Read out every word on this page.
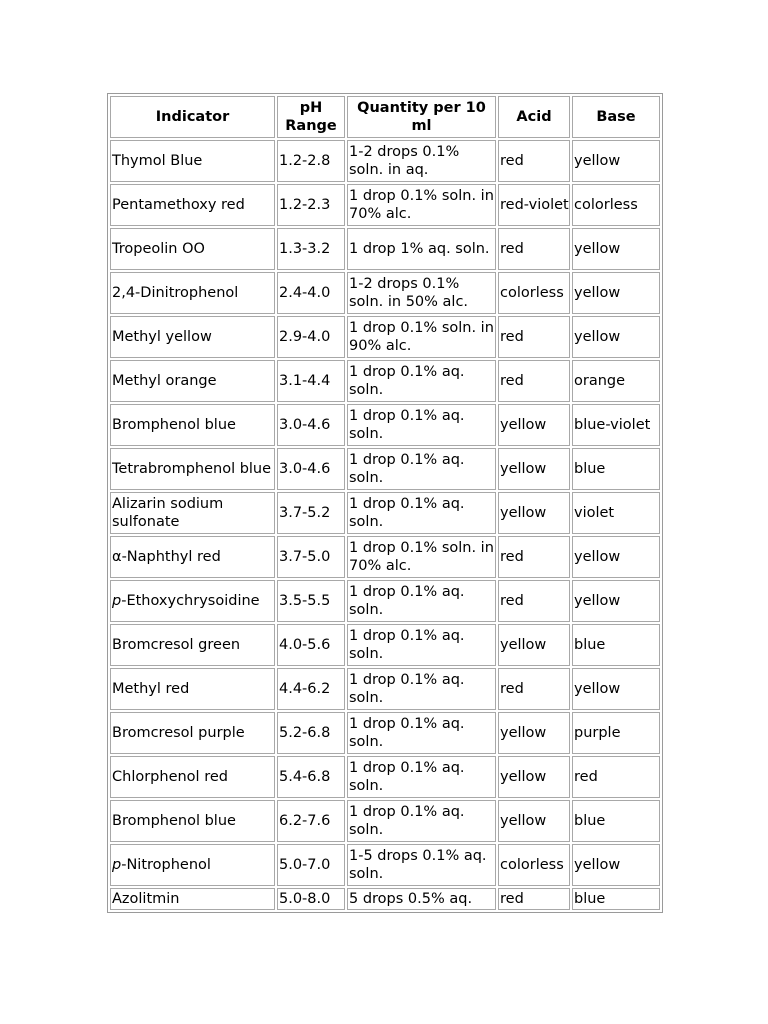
Indicator	pH Range	Quantity per 10 ml	Acid	Base
Thymol Blue	1.2-2.8	1-2 drops 0.1% soln. in aq.	red	yellow
Pentamethoxy red	1.2-2.3	1 drop 0.1% soln. in 70% alc.	red-violet	colorless
Tropeolin OO	1.3-3.2	1 drop 1% aq. soln.	red	yellow
2,4-Dinitrophenol	2.4-4.0	1-2 drops 0.1% soln. in 50% alc.	colorless	yellow
Methyl yellow	2.9-4.0	1 drop 0.1% soln. in 90% alc.	red	yellow
Methyl orange	3.1-4.4	1 drop 0.1% aq. soln.	red	orange
Bromphenol blue	3.0-4.6	1 drop 0.1% aq. soln.	yellow	blue-violet
Tetrabromphenol blue	3.0-4.6	1 drop 0.1% aq. soln.	yellow	blue
Alizarin sodium sulfonate	3.7-5.2	1 drop 0.1% aq. soln.	yellow	violet
α-Naphthyl red	3.7-5.0	1 drop 0.1% soln. in 70% alc.	red	yellow
p-Ethoxychrysoidine	3.5-5.5	1 drop 0.1% aq. soln.	red	yellow
Bromcresol green	4.0-5.6	1 drop 0.1% aq. soln.	yellow	blue
Methyl red	4.4-6.2	1 drop 0.1% aq. soln.	red	yellow
Bromcresol purple	5.2-6.8	1 drop 0.1% aq. soln.	yellow	purple
Chlorphenol red	5.4-6.8	1 drop 0.1% aq. soln.	yellow	red
Bromphenol blue	6.2-7.6	1 drop 0.1% aq. soln.	yellow	blue
p-Nitrophenol	5.0-7.0	1-5 drops 0.1% aq. soln.	colorless	yellow
Azolitmin	5.0-8.0	5 drops 0.5% aq.	red	blue
